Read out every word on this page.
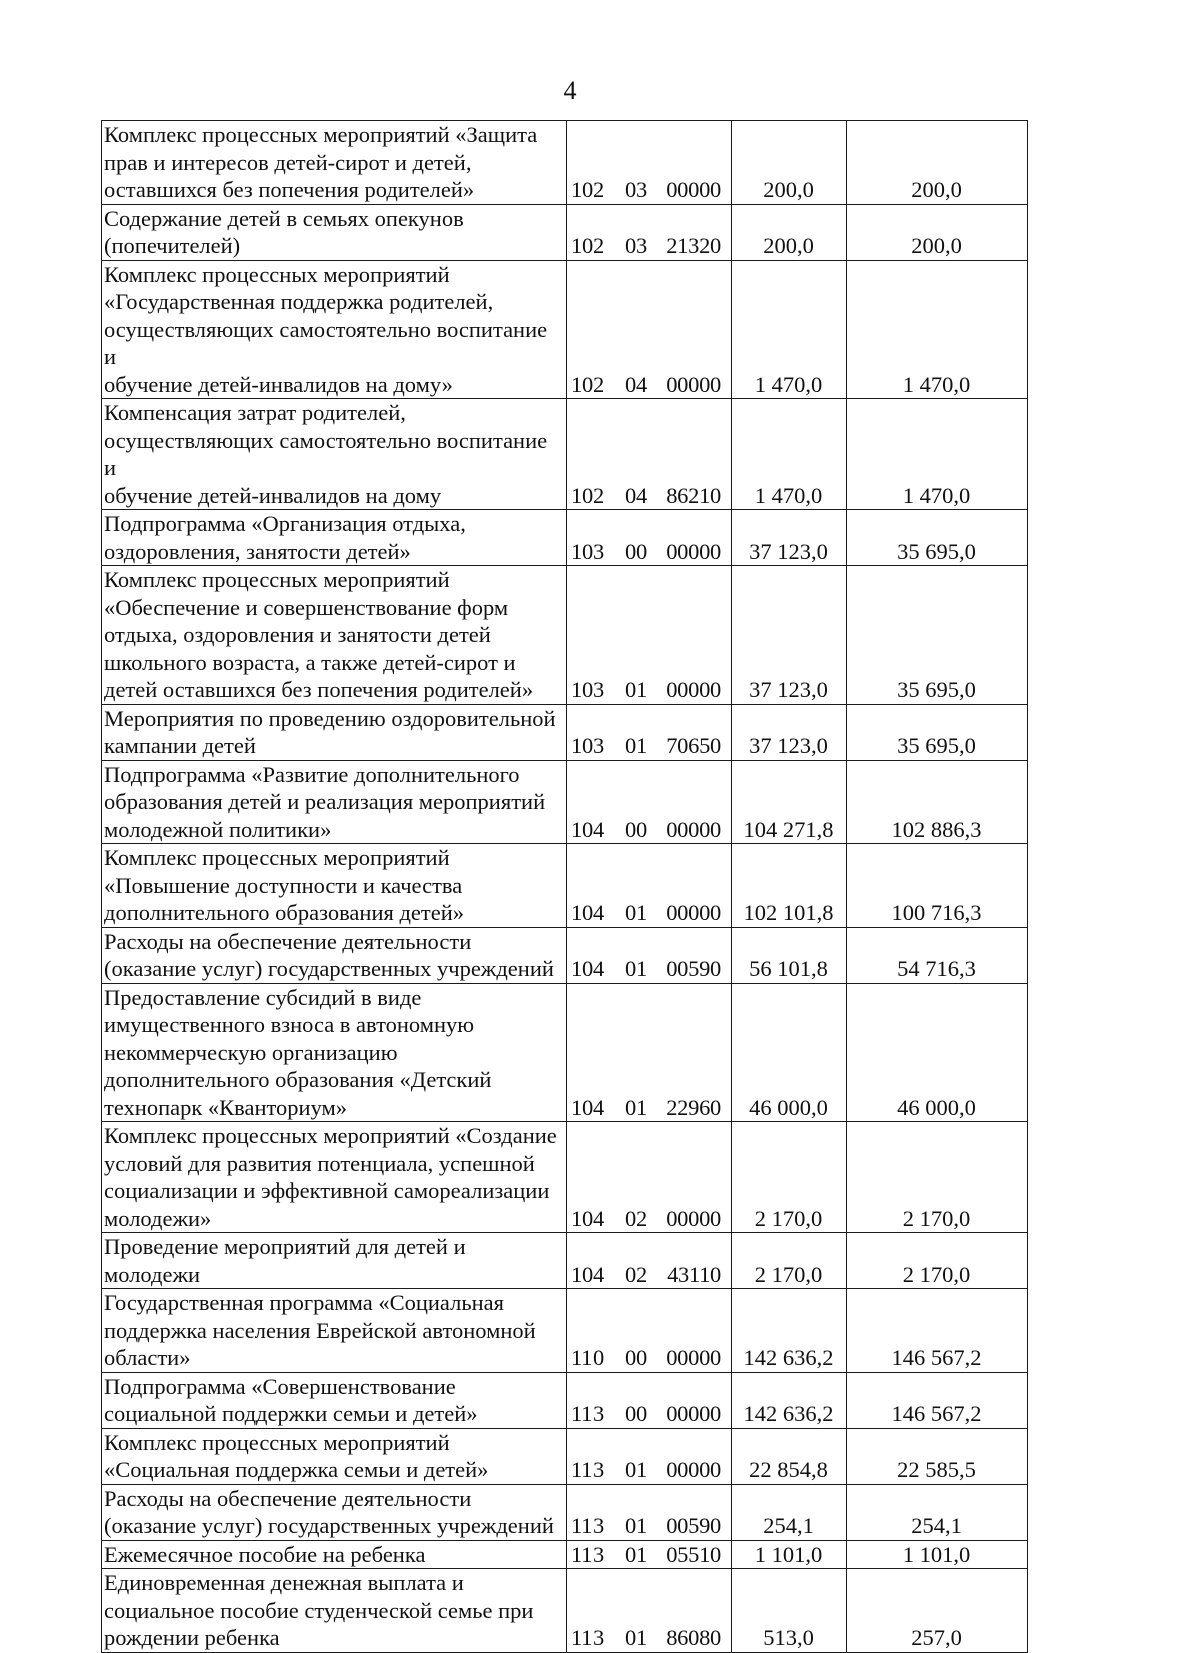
4
Комплекс процессных мероприятий «Защита
прав и интересов детей-сирот и детей,
оставшихся без попечения родителей»	102 03 00000	200,0	200,0

Содержание детей в семьях опекунов
(попечителей)	102 03 21320	200,0	200,0

Комплекс процессных мероприятий
«Государственная поддержка родителей,
осуществляющих самостоятельно воспитание и
обучение детей-инвалидов на дому»	102 04 00000	1 470,0	1 470,0

Компенсация затрат родителей,
осуществляющих самостоятельно воспитание и
обучение детей-инвалидов на дому	102 04 86210	1 470,0	1 470,0

Подпрограмма «Организация отдыха,
оздоровления, занятости детей»	103 00 00000	37 123,0	35 695,0

Комплекс процессных мероприятий
«Обеспечение и совершенствование форм
отдыха, оздоровления и занятости детей
школьного возраста, а также детей-сирот и
детей оставшихся без попечения родителей»	103 01 00000	37 123,0	35 695,0

Мероприятия по проведению оздоровительной
кампании детей	103 01 70650	37 123,0	35 695,0

Подпрограмма «Развитие дополнительного
образования детей и реализация мероприятий
молодежной политики»	104 00 00000	104 271,8	102 886,3

Комплекс процессных мероприятий
«Повышение доступности и качества
дополнительного образования детей»	104 01 00000	102 101,8	100 716,3

Расходы на обеспечение деятельности
(оказание услуг) государственных учреждений	104 01 00590	56 101,8	54 716,3

Предоставление субсидий в виде
имущественного взноса в автономную
некоммерческую организацию
дополнительного образования «Детский
технопарк «Кванториум»	104 01 22960	46 000,0	46 000,0

Комплекс процессных мероприятий «Создание
условий для развития потенциала, успешной
социализации и эффективной самореализации
молодежи»	104 02 00000	2 170,0	2 170,0

Проведение мероприятий для детей и молодежи	104 02 43110	2 170,0	2 170,0

Государственная программа «Социальная
поддержка населения Еврейской автономной
области»	110 00 00000	142 636,2	146 567,2

Подпрограмма «Совершенствование
социальной поддержки семьи и детей»	113 00 00000	142 636,2	146 567,2

Комплекс процессных мероприятий
«Социальная поддержка семьи и детей»	113 01 00000	22 854,8	22 585,5

Расходы на обеспечение деятельности
(оказание услуг) государственных учреждений	113 01 00590	254,1	254,1

Ежемесячное пособие на ребенка	113 01 05510	1 101,0	1 101,0

Единовременная денежная выплата и
социальное пособие студенческой семье при
рождении ребенка	113 01 86080	513,0	257,0
